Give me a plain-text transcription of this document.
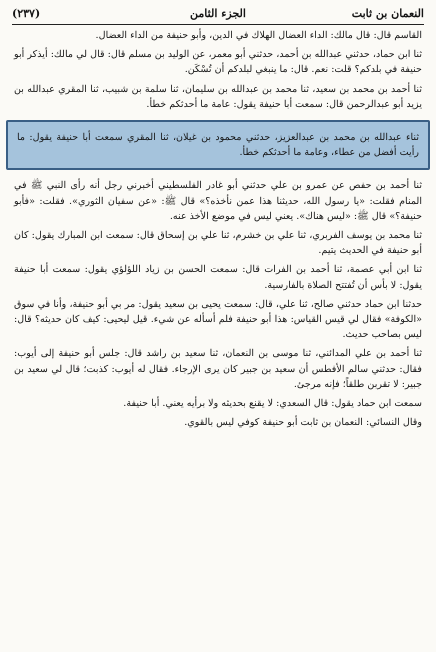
النعمان بن ثابت
الجزء الثامن
(٢٣٧)

القاسم قال: قال مالك: الداء العضال الهلاك في الدين، وأبو حنيفة من الداء العضال.

ثنا ابن حماد، حدثني عبدالله بن أحمد، حدثني أبو معمر، عن الوليد بن مسلم قال: قال لي مالك: أيذكر أبو حنيفة في بلدكم؟ قلت: نعم. قال: ما ينبغي لبلدكم أن تُسْكَن.

ثنا أحمد بن محمد بن سعيد، ثنا محمد بن عبدالله بن سليمان، ثنا سلمة بن شبيب، ثنا المقري عبدالله بن يزيد أبو عبدالرحمن قال: سمعت أبا حنيفة يقول: عامة ما أحدثكم خطأ.

ثناء عبدالله بن محمد بن عبدالعزيز، حدثني محمود بن غيلان، ثنا المقري سمعت أبا حنيفة يقول: ما رأيت أفضل من عطاء، وعامة ما أحدثكم خطأ.

ثنا أحمد بن حفص عن عمرو بن علي حدثني أبو غادر الفلسطيني أخبرني رجل أنه رأى النبي ﷺ في المنام فقلت: «يا رسول الله، حديثنا هذا عمن نأخذه؟» قال ﷺ: «عن سفيان الثوري». فقلت: «فأبو حنيفة؟» قال ﷺ: «ليس هناك». يعني ليس في موضع الأخذ عنه.

ثنا محمد بن يوسف الفربري، ثنا علي بن خشرم، ثنا علي بن إسحاق قال: سمعت ابن المبارك يقول: كان أبو حنيفة في الحديث يتيم.

ثنا ابن أبي عصمة، ثنا أحمد بن الفرات قال: سمعت الحسن بن زياد اللؤلؤي يقول: سمعت أبا حنيفة يقول: لا بأس أن تُفتتح الصلاة بالفارسية.

حدثنا ابن حماد حدثني صالح، ثنا علي، قال: سمعت يحيى بن سعيد يقول: مر بي أبو حنيفة، وأنا في سوق «الكوفة» فقال لي قيس القياس: هذا أبو حنيفة فلم أسأله عن شيء. قيل ليحيى: كيف كان حديثه؟ قال: ليس بصاحب حديث.

ثنا أحمد بن علي المدائني، ثنا موسى بن النعمان، ثنا سعيد بن راشد قال: جلس أبو حنيفة إلى أيوب: فقال: حدثني سالم الأفطس أن سعيد بن جبير كان يرى الإرجاء. فقال له أيوب: كذبت؛ قال لي سعيد بن جبير: لا تقربن طلقاً؛ فإنه مرجئ.

سمعت ابن حماد يقول: قال السعدي: لا يقنع بحديثه ولا برأيه يعني. أبا حنيفة.

وقال النسائي: النعمان بن ثابت أبو حنيفة كوفي ليس بالقوي.
